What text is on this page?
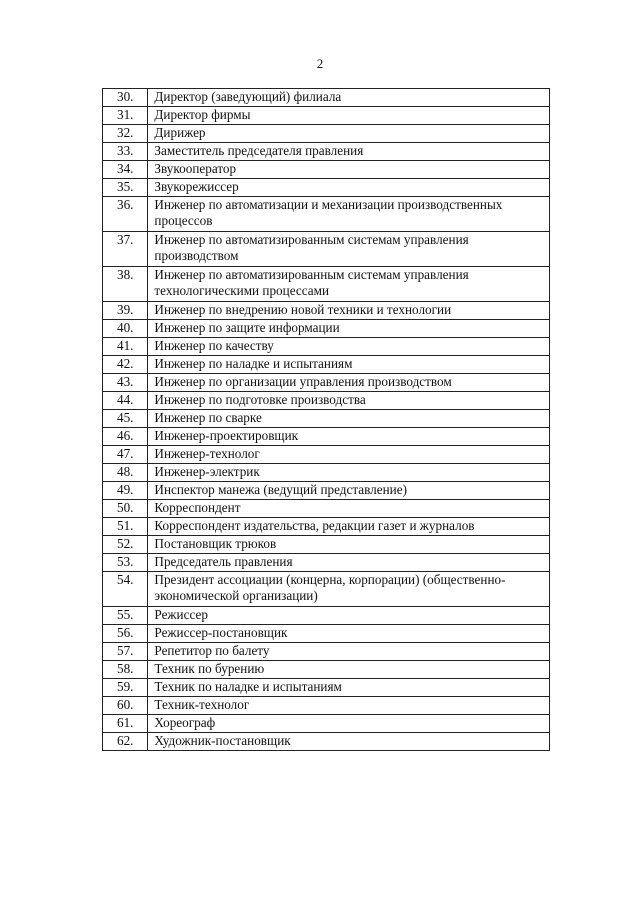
2
30.	Директор (заведующий) филиала
31.	Директор фирмы
32.	Дирижер
33.	Заместитель председателя правления
34.	Звукооператор
35.	Звукорежиссер
36.	Инженер по автоматизации и механизации производственных процессов
37.	Инженер по автоматизированным системам управления производством
38.	Инженер по автоматизированным системам управления технологическими процессами
39.	Инженер по внедрению новой техники и технологии
40.	Инженер по защите информации
41.	Инженер по качеству
42.	Инженер по наладке и испытаниям
43.	Инженер по организации управления производством
44.	Инженер по подготовке производства
45.	Инженер по сварке
46.	Инженер-проектировщик
47.	Инженер-технолог
48.	Инженер-электрик
49.	Инспектор манежа (ведущий представление)
50.	Корреспондент
51.	Корреспондент издательства, редакции газет и журналов
52.	Постановщик трюков
53.	Председатель правления
54.	Президент ассоциации (концерна, корпорации) (общественно-экономической организации)
55.	Режиссер
56.	Режиссер-постановщик
57.	Репетитор по балету
58.	Техник по бурению
59.	Техник по наладке и испытаниям
60.	Техник-технолог
61.	Хореограф
62.	Художник-постановщик
